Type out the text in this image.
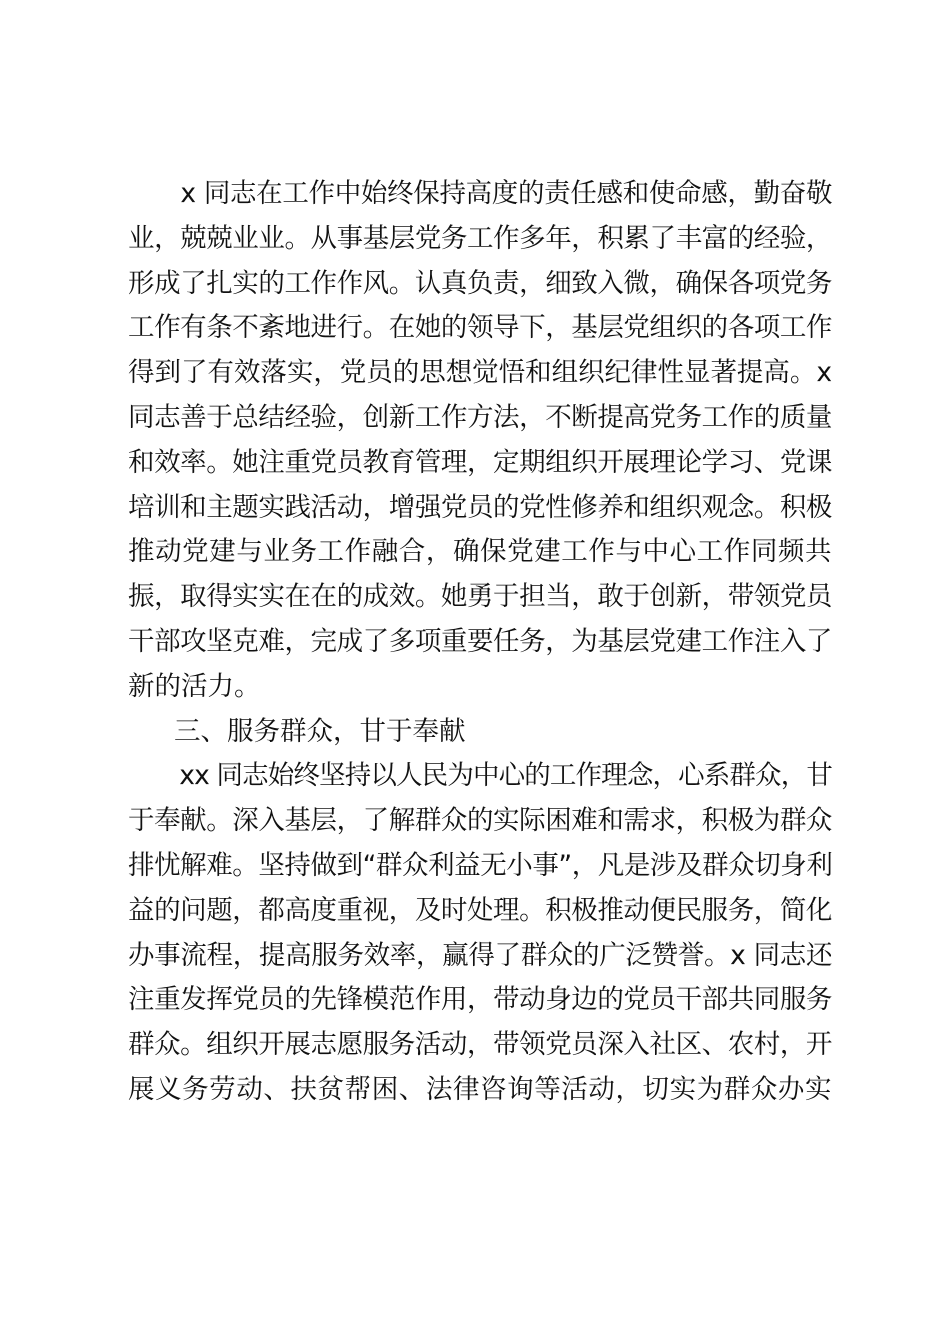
　　x 同志在工作中始终保持高度的责任感和使命感，勤奋敬
业，兢兢业业。从事基层党务工作多年，积累了丰富的经验，
形成了扎实的工作作风。认真负责，细致入微，确保各项党务
工作有条不紊地进行。在她的领导下，基层党组织的各项工作
得到了有效落实，党员的思想觉悟和组织纪律性显著提高。x
同志善于总结经验，创新工作方法，不断提高党务工作的质量
和效率。她注重党员教育管理，定期组织开展理论学习、党课
培训和主题实践活动，增强党员的党性修养和组织观念。积极
推动党建与业务工作融合，确保党建工作与中心工作同频共
振，取得实实在在的成效。她勇于担当，敢于创新，带领党员
干部攻坚克难，完成了多项重要任务，为基层党建工作注入了
新的活力。

三、服务群众，甘于奉献

　　xx 同志始终坚持以人民为中心的工作理念，心系群众，甘
于奉献。深入基层，了解群众的实际困难和需求，积极为群众
排忧解难。坚持做到“群众利益无小事”，凡是涉及群众切身利
益的问题，都高度重视，及时处理。积极推动便民服务，简化
办事流程，提高服务效率，赢得了群众的广泛赞誉。x 同志还
注重发挥党员的先锋模范作用，带动身边的党员干部共同服务
群众。组织开展志愿服务活动，带领党员深入社区、农村，开
展义务劳动、扶贫帮困、法律咨询等活动，切实为群众办实
